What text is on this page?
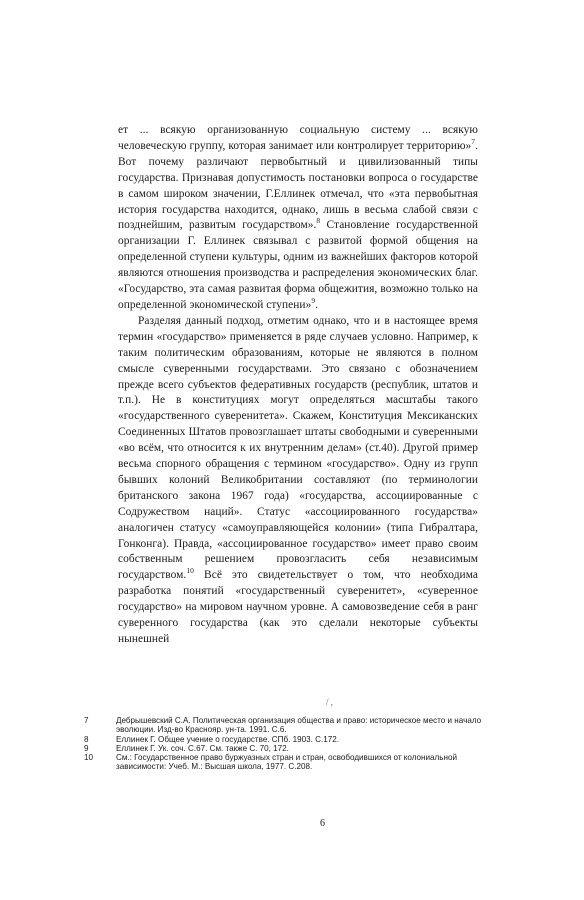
ет ... всякую организованную социальную систему ... всякую человеческую группу, которая занимает или контролирует территорию»$^7$. Вот почему различают первобытный и цивилизованный типы государства. Признавая допустимость постановки вопроса о государстве в самом широком значении, Г.Еллинек отмечал, что «эта первобытная история государства находится, однако, лишь в весьма слабой связи с позднейшим, развитым государством».$^8$ Становление государственной организации Г. Еллинек связывал с развитой формой общения на определенной ступени культуры, одним из важнейших факторов которой являются отношения производства и распределения экономических благ. «Государство, эта самая развитая форма общежития, возможно только на определенной экономической ступени»$^9$.

Разделяя данный подход, отметим однако, что и в настоящее время термин «государство» применяется в ряде случаев условно. Например, к таким политическим образованиям, которые не являются в полном смысле суверенными государствами. Это связано с обозначением прежде всего субъектов федеративных государств (республик, штатов и т.п.). Не в конституциях могут определяться масштабы такого «государственного суверенитета». Скажем, Конституция Мексиканских Соединенных Штатов провозглашает штаты свободными и суверенными «во всём, что относится к их внутренним делам» (ст.40). Другой пример весьма спорного обращения с термином «государство». Одну из групп бывших колоний Великобритании составляют (по терминологии британского закона 1967 года) «государства, ассоциированные с Содружеством наций». Статус «ассоциированного государства» аналогичен статусу «самоуправляющейся колонии» (типа Гибралтара, Гонконга). Правда, «ассоциированное государство» имеет право своим собственным решением провозгласить себя независимым государством.$^{10}$ Всё это свидетельствует о том, что необходима разработка понятий «государственный суверенитет», «суверенное государство» на мировом научном уровне. А самовозведение себя в ранг суверенного государства (как это сделали некоторые субъекты нынешней

/ ,
7	Дебрышевский С.А. Политическая организация общества и право: историческое место и начало эволюции. Изд-во Краснояр. ун-та. 1991. С.6.
8	Еллинек Г. Общее учение о государстве. СПб. 1903. С.172.
9	Еллинек Г. Ук. соч. С.67. См. также С. 70, 172.
10	См.: Государственное право буржуазных стран и стран, освободившихся от колониальной зависимости: Учеб. М.: Высшая школа, 1977. С.208.
6
